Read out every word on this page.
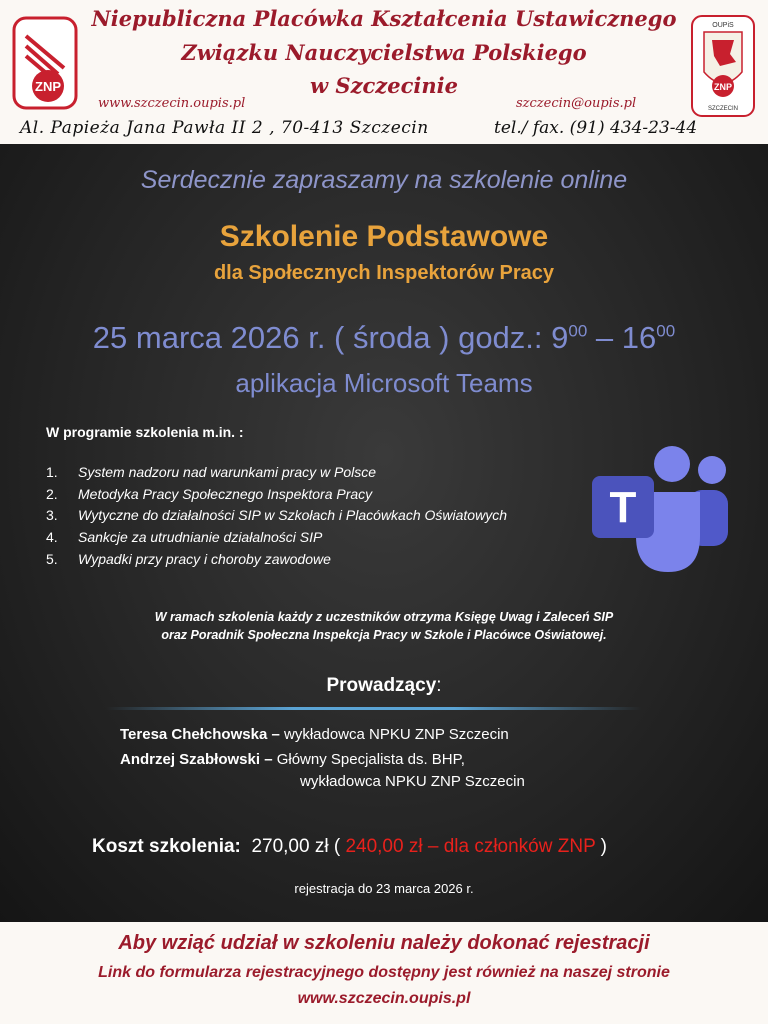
ZNP
Niepubliczna Placówka Kształcenia Ustawicznego
Związku Nauczycielstwa Polskiego
w Szczecinie
www.szczecin.oupis.pl	szczecin@oupis.pl
Al. Papieża Jana Pawła II 2 , 70-413 Szczecin	tel./ fax. (91) 434-23-44
OUPiS
ZNP
SZCZECIN
Serdecznie zapraszamy na szkolenie online
Szkolenie Podstawowe
dla Społecznych Inspektorów Pracy
25 marca 2026 r. ( środa ) godz.: $9^{00} - 16^{00}$
aplikacja Microsoft Teams
W programie szkolenia m.in. :
1. System nadzoru nad warunkami pracy w Polsce
2. Metodyka Pracy Społecznego Inspektora Pracy
3. Wytyczne do działalności SIP w Szkołach i Placówkach Oświatowych
4. Sankcje za utrudnianie działalności SIP
5. Wypadki przy pracy i choroby zawodowe
T
W ramach szkolenia każdy z uczestników otrzyma Księgę Uwag i Zaleceń SIP
oraz Poradnik Społeczna Inspekcja Pracy w Szkole i Placówce Oświatowej.
Prowadzący:
Teresa Chełchowska – wykładowca NPKU ZNP Szczecin
Andrzej Szabłowski – Główny Specjalista ds. BHP,
wykładowca NPKU ZNP Szczecin
Koszt szkolenia: 270,00 zł ( 240,00 zł – dla członków ZNP )
rejestracja do 23 marca 2026 r.
Aby wziąć udział w szkoleniu należy dokonać rejestracji
Link do formularza rejestracyjnego dostępny jest również na naszej stronie
www.szczecin.oupis.pl
